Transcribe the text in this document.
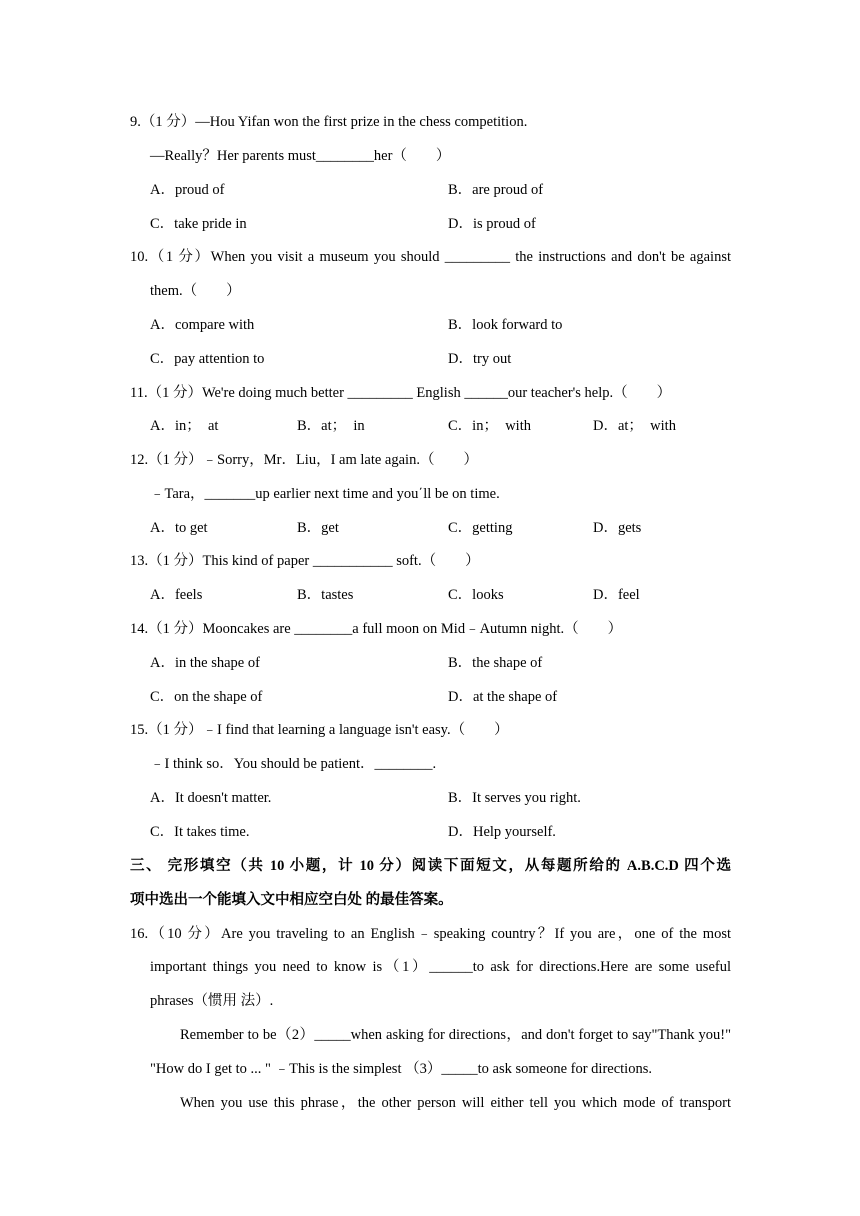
9.（1 分）—Hou Yifan won the first prize in the chess competition.
—Really？Her parents must________her（　　）
A．proud of	B．are proud of
C．take pride in	D．is proud of
10.（1 分）When you visit a museum you should _________ the instructions and don't be against
them.（　　）
A．compare with	B．look forward to
C．pay attention to	D．try out
11.（1 分）We're doing much better _________ English ______our teacher's help.（　　）
A．in；　at	B．at；　in	C．in；　with	D．at；　with
12.（1 分）﹣Sorry，Mr．Liu，I am late again.（　　）
﹣Tara，_______up earlier next time and you΄ll be on time.
A．to get	B．get	C．getting	D．gets
13.（1 分）This kind of paper ___________ soft.（　　）
A．feels	B．tastes	C．looks	D．feel
14.（1 分）Mooncakes are ________a full moon on Mid﹣Autumn night.（　　）
A．in the shape of	B．the shape of
C．on the shape of	D．at the shape of
15.（1 分）﹣I find that learning a language isn't easy.（　　）
﹣I think so．You should be patient．________.
A．It doesn't matter.	B．It serves you right.
C．It takes time.	D．Help yourself.
三、 完形填空（共 10 小题，计 10 分）阅读下面短文，从每题所给的 A.B.C.D 四个选
项中选出一个能填入文中相应空白处 的最佳答案。
16.（10 分）Are you traveling to an English﹣speaking country？If you are，one of the most
important things you need to know is（1）______to ask for directions.Here are some useful
phrases（惯用 法）.
Remember to be（2）_____when asking for directions，and don't forget to say"Thank you!"
"How do I get to ... " ﹣This is the simplest （3）_____to ask someone for directions.
When you use this phrase，the other person will either tell you which mode of transport
